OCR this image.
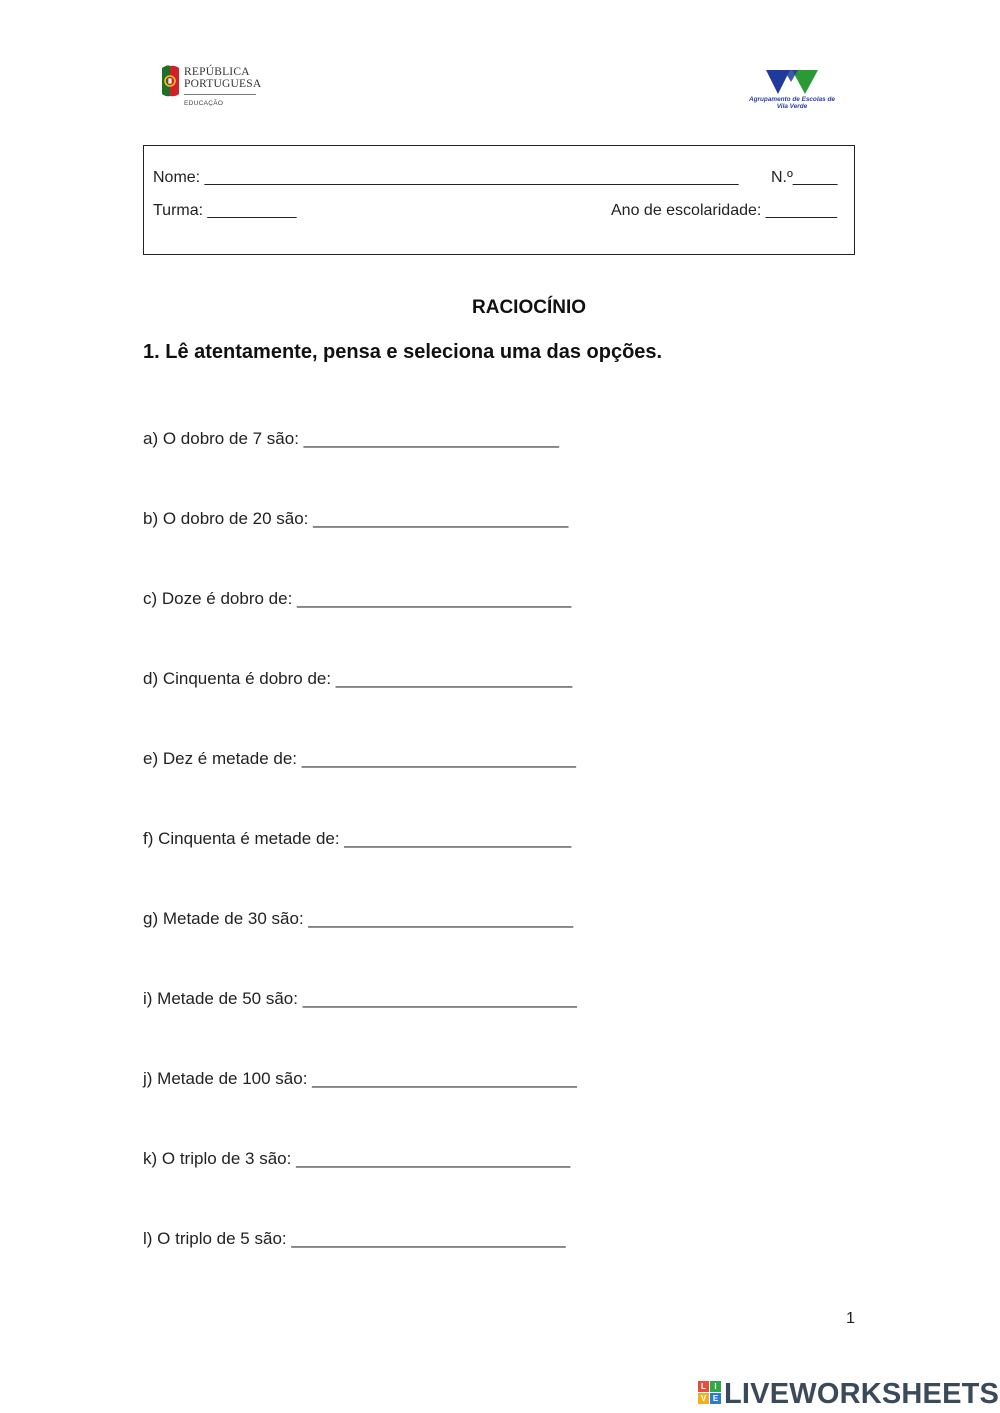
REPÚBLICA
PORTUGUESA
EDUCAÇÃO
Agrupamento de Escolas de
Vila Verde
Nome: ____________________________________________________________ N.º_____
Turma: __________	Ano de escolaridade: ________
RACIOCÍNIO
1. Lê atentamente, pensa e seleciona uma das opções.
a) O dobro de 7 são: ___________________________
b) O dobro de 20 são: ___________________________
c) Doze é dobro de: _____________________________
d) Cinquenta é dobro de: _________________________
e) Dez é metade de: _____________________________
f) Cinquenta é metade de: ________________________
g) Metade de 30 são: ____________________________
i) Metade de 50 são: _____________________________
j) Metade de 100 são: ____________________________
k) O triplo de 3 são: _____________________________
l) O triplo de 5 são: _____________________________
1
L	I
V E LIVEWORKSHEETS
